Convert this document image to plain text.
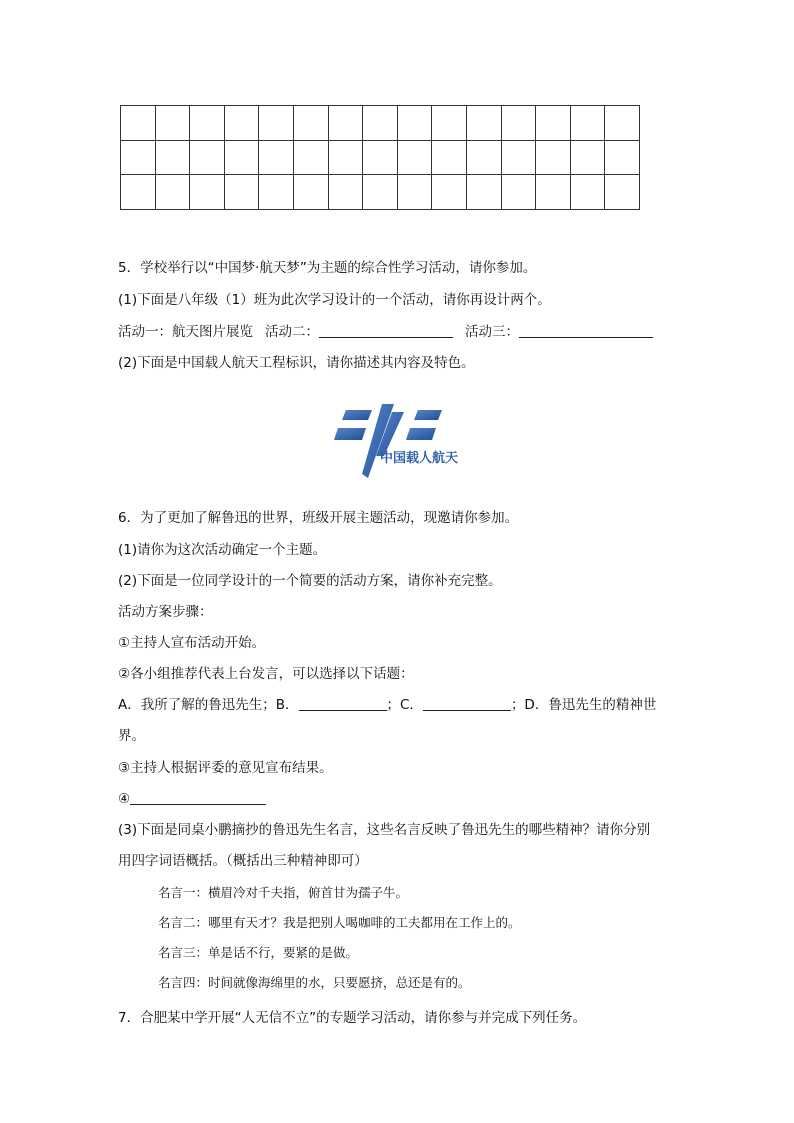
5．学校举行以“中国梦·航天梦”为主题的综合性学习活动，请你参加。
(1)下面是八年级（1）班为此次学习设计的一个活动，请你再设计两个。
活动一：航天图片展览 活动二：	活动三：
(2)下面是中国载人航天工程标识，请你描述其内容及特色。
中国载人航天
6．为了更加了解鲁迅的世界，班级开展主题活动，现邀请你参加。
(1)请你为这次活动确定一个主题。
(2)下面是一位同学设计的一个简要的活动方案，请你补充完整。
活动方案步骤：
①主持人宣布活动开始。
②各小组推荐代表上台发言，可以选择以下话题：
A．我所了解的鲁迅先生；B．	；C．	；D．鲁迅先生的精神世
界。
③主持人根据评委的意见宣布结果。
④
(3)下面是同桌小鹏摘抄的鲁迅先生名言，这些名言反映了鲁迅先生的哪些精神？请你分别
用四字词语概括。（概括出三种精神即可）
名言一：横眉冷对千夫指，俯首甘为孺子牛。
名言二：哪里有天才？我是把别人喝咖啡的工夫都用在工作上的。
名言三：单是话不行，要紧的是做。
名言四：时间就像海绵里的水，只要愿挤，总还是有的。
7．合肥某中学开展“人无信不立”的专题学习活动，请你参与并完成下列任务。
